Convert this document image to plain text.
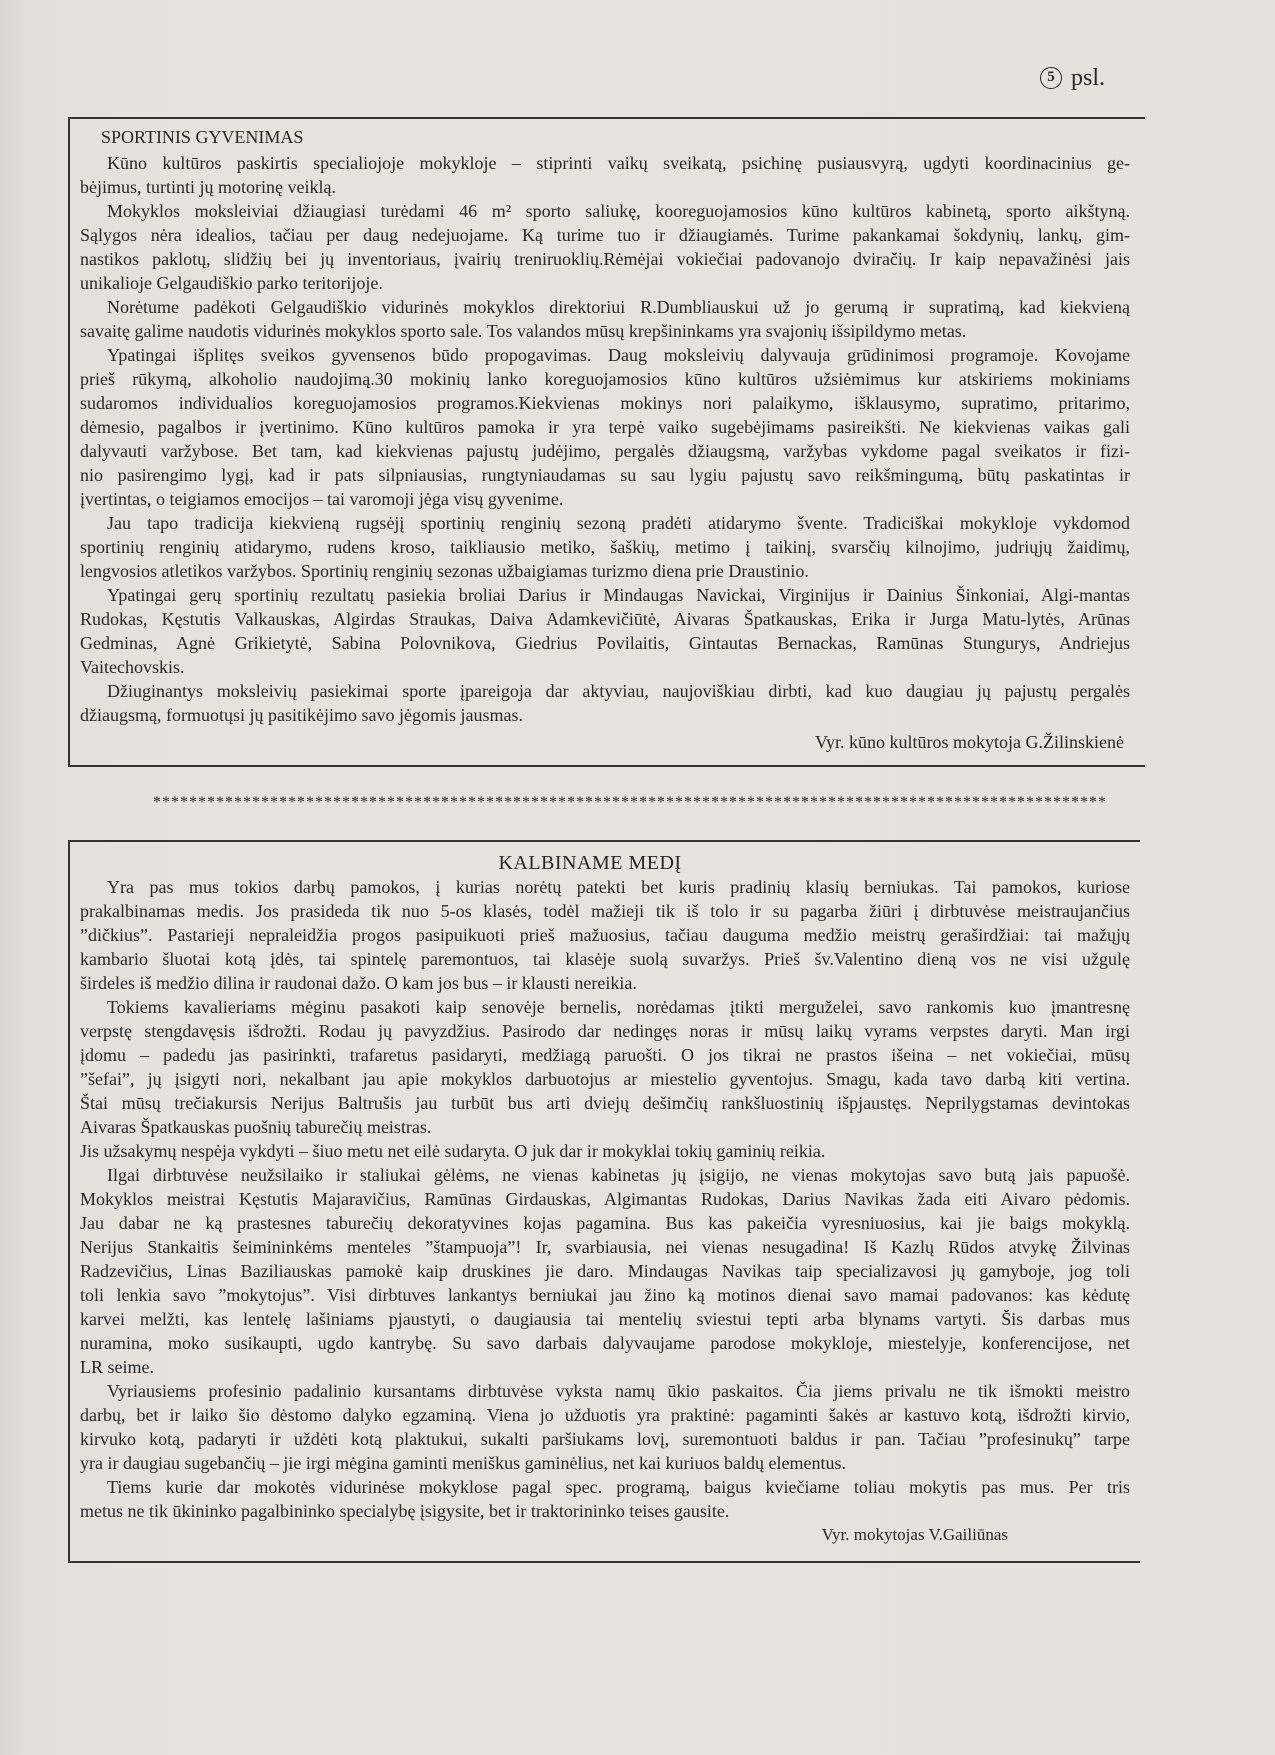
5 psl.
SPORTINIS GYVENIMAS
Kūno kultūros paskirtis specialiojoje mokykloje – stiprinti vaikų sveikatą, psichinę pusiausvyrą, ugdyti koordinacinius ge-
bėjimus, turtinti jų motorinę veiklą.
Mokyklos moksleiviai džiaugiasi turėdami 46 m² sporto saliukę, kooreguojamosios kūno kultūros kabinetą, sporto aikštyną.
Sąlygos nėra idealios, tačiau per daug nedejuojame. Ką turime tuo ir džiaugiamės. Turime pakankamai šokdynių, lankų, gim-
nastikos paklotų, slidžių bei jų inventoriaus, įvairių treniruoklių.Rėmėjai vokiečiai padovanojo dviračių. Ir kaip nepavažinėsi jais
unikalioje Gelgaudiškio parko teritorijoje.
Norėtume padėkoti Gelgaudiškio vidurinės mokyklos direktoriui R.Dumbliauskui už jo gerumą ir supratimą, kad kiekvieną
savaitę galime naudotis vidurinės mokyklos sporto sale. Tos valandos mūsų krepšininkams yra svajonių išsipildymo metas.
Ypatingai išplitęs sveikos gyvensenos būdo propogavimas. Daug moksleivių dalyvauja grūdinimosi programoje. Kovojame
prieš rūkymą, alkoholio naudojimą.30 mokinių lanko koreguojamosios kūno kultūros užsiėmimus kur atskiriems mokiniams
sudaromos individualios koreguojamosios programos.Kiekvienas mokinys nori palaikymo, išklausymo, supratimo, pritarimo,
dėmesio, pagalbos ir įvertinimo. Kūno kultūros pamoka ir yra terpė vaiko sugebėjimams pasireikšti. Ne kiekvienas vaikas gali
dalyvauti varžybose. Bet tam, kad kiekvienas pajustų judėjimo, pergalės džiaugsmą, varžybas vykdome pagal sveikatos ir fizi-
nio pasirengimo lygį, kad ir pats silpniausias, rungtyniaudamas su sau lygiu pajustų savo reikšmingumą, būtų paskatintas ir
įvertintas, o teigiamos emocijos – tai varomoji jėga visų gyvenime.
Jau tapo tradicija kiekvieną rugsėjį sportinių renginių sezoną pradėti atidarymo švente. Tradiciškai mokykloje vykdomod
sportinių renginių atidarymo, rudens kroso, taikliausio metiko, šaškių, metimo į taikinį, svarsčių kilnojimo, judriųjų žaidimų,
lengvosios atletikos varžybos. Sportinių renginių sezonas užbaigiamas turizmo diena prie Draustinio.
Ypatingai gerų sportinių rezultatų pasiekia broliai Darius ir Mindaugas Navickai, Virginijus ir Dainius Šinkoniai, Algi-mantas
Rudokas, Kęstutis Valkauskas, Algirdas Straukas, Daiva Adamkevičiūtė, Aivaras Špatkauskas, Erika ir Jurga Matu-lytės, Arūnas
Gedminas, Agnė Grikietytė, Sabina Polovnikova, Giedrius Povilaitis, Gintautas Bernackas, Ramūnas Stungurys, Andriejus
Vaitechovskis.
Džiuginantys moksleivių pasiekimai sporte įpareigoja dar aktyviau, naujoviškiau dirbti, kad kuo daugiau jų pajustų pergalės
džiaugsmą, formuotųsi jų pasitikėjimo savo jėgomis jausmas.
Vyr. kūno kultūros mokytoja G.Žilinskienė
**********************************************************************************************************
KALBINAME MEDĮ
Yra pas mus tokios darbų pamokos, į kurias norėtų patekti bet kuris pradinių klasių berniukas. Tai pamokos, kuriose
prakalbinamas medis. Jos prasideda tik nuo 5-os klasės, todėl mažieji tik iš tolo ir su pagarba žiūri į dirbtuvėse meistraujančius
”dičkius”. Pastarieji nepraleidžia progos pasipuikuoti prieš mažuosius, tačiau dauguma medžio meistrų geraširdžiai: tai mažųjų
kambario šluotai kotą įdės, tai spintelę paremontuos, tai klasėje suolą suvaržys. Prieš šv.Valentino dieną vos ne visi užgulę
širdeles iš medžio dilina ir raudonai dažo. O kam jos bus – ir klausti nereikia.
Tokiems kavalieriams mėginu pasakoti kaip senovėje bernelis, norėdamas įtikti merguželei, savo rankomis kuo įmantresnę
verpstę stengdavęsis išdrožti. Rodau jų pavyzdžius. Pasirodo dar nedingęs noras ir mūsų laikų vyrams verpstes daryti. Man irgi
įdomu – padedu jas pasirinkti, trafaretus pasidaryti, medžiagą paruošti. O jos tikrai ne prastos išeina – net vokiečiai, mūsų
”šefai”, jų įsigyti nori, nekalbant jau apie mokyklos darbuotojus ar miestelio gyventojus. Smagu, kada tavo darbą kiti vertina.
Štai mūsų trečiakursis Nerijus Baltrušis jau turbūt bus arti dviejų dešimčių rankšluostinių išpjaustęs. Neprilygstamas devintokas
Aivaras Špatkauskas puošnių taburečių meistras.
Jis užsakymų nespėja vykdyti – šiuo metu net eilė sudaryta. O juk dar ir mokyklai tokių gaminių reikia.
Ilgai dirbtuvėse neužsilaiko ir staliukai gėlėms, ne vienas kabinetas jų įsigijo, ne vienas mokytojas savo butą jais papuošė.
Mokyklos meistrai Kęstutis Majaravičius, Ramūnas Girdauskas, Algimantas Rudokas, Darius Navikas žada eiti Aivaro pėdomis.
Jau dabar ne ką prastesnes taburečių dekoratyvines kojas pagamina. Bus kas pakeičia vyresniuosius, kai jie baigs mokyklą.
Nerijus Stankaitis šeimininkėms menteles ”štampuoja”! Ir, svarbiausia, nei vienas nesugadina! Iš Kazlų Rūdos atvykę Žilvinas
Radzevičius, Linas Baziliauskas pamokė kaip druskines jie daro. Mindaugas Navikas taip specializavosi jų gamyboje, jog toli
toli lenkia savo ”mokytojus”. Visi dirbtuves lankantys berniukai jau žino ką motinos dienai savo mamai padovanos: kas kėdutę
karvei melžti, kas lentelę lašiniams pjaustyti, o daugiausia tai mentelių sviestui tepti arba blynams vartyti. Šis darbas mus
nuramina, moko susikaupti, ugdo kantrybę. Su savo darbais dalyvaujame parodose mokykloje, miestelyje, konferencijose, net
LR seime.
Vyriausiems profesinio padalinio kursantams dirbtuvėse vyksta namų ūkio paskaitos. Čia jiems privalu ne tik išmokti meistro
darbų, bet ir laiko šio dėstomo dalyko egzaminą. Viena jo užduotis yra praktinė: pagaminti šakės ar kastuvo kotą, išdrožti kirvio,
kirvuko kotą, padaryti ir uždėti kotą plaktukui, sukalti paršiukams lovį, suremontuoti baldus ir pan. Tačiau ”profesinukų” tarpe
yra ir daugiau sugebančių – jie irgi mėgina gaminti meniškus gaminėlius, net kai kuriuos baldų elementus.
Tiems kurie dar mokotės vidurinėse mokyklose pagal spec. programą, baigus kviečiame toliau mokytis pas mus. Per tris
metus ne tik ūkininko pagalbininko specialybę įsigysite, bet ir traktorininko teises gausite.
Vyr. mokytojas V.Gailiūnas
